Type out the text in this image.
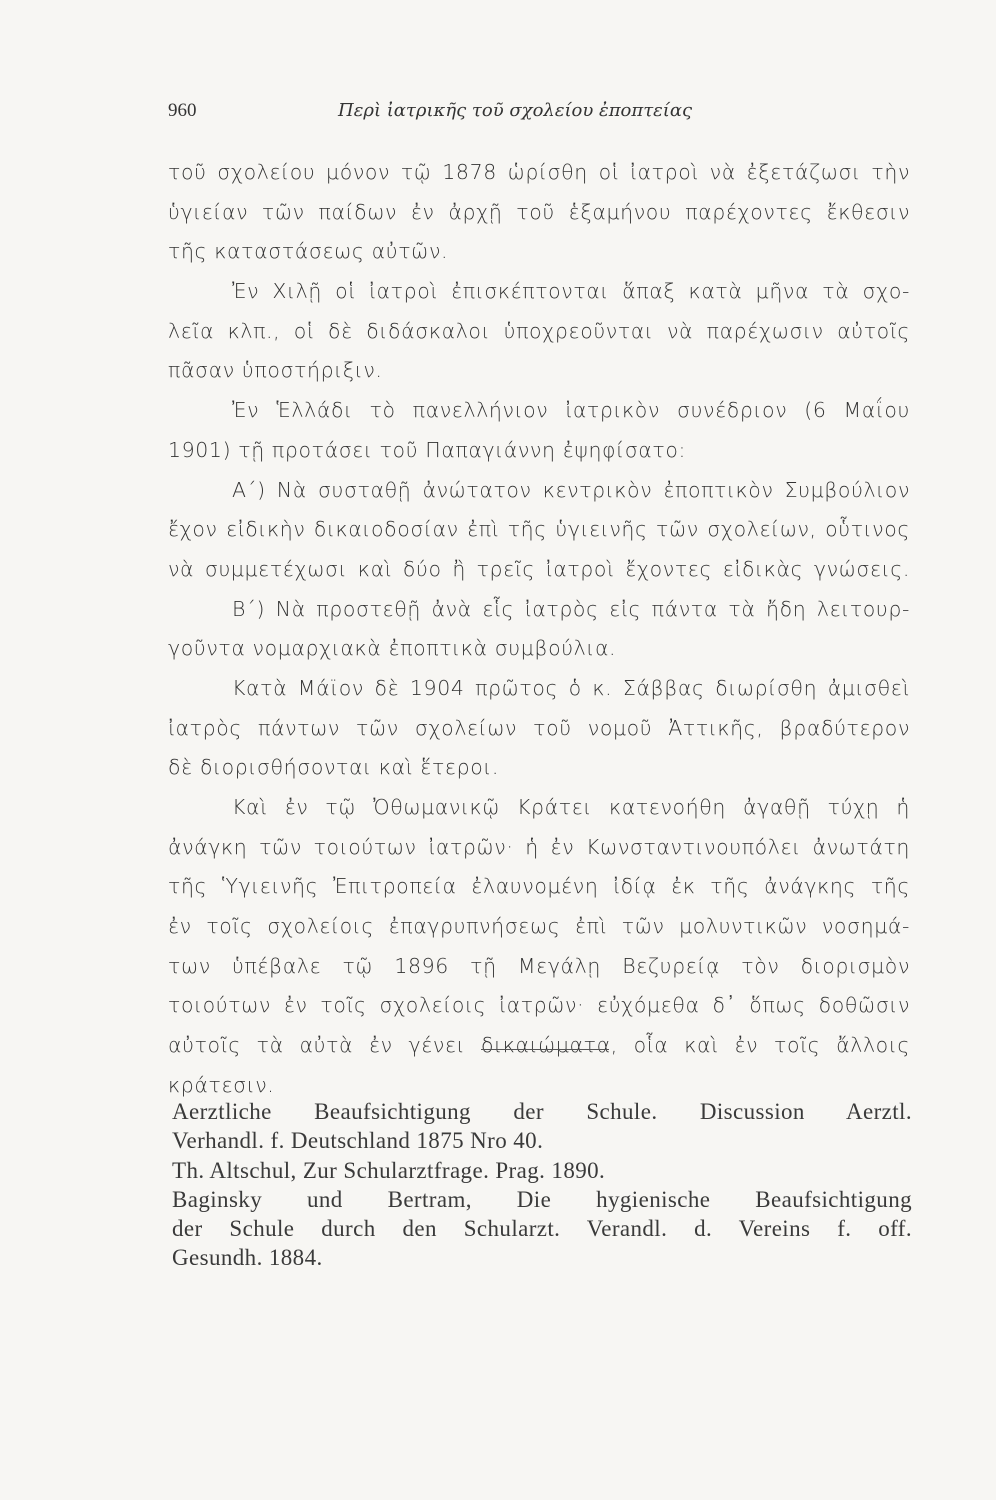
960	Περὶ ἰατρικῆς τοῦ σχολείου ἐποπτείας
τοῦ σχολείου μόνον τῷ 1878 ὡρίσθη οἱ ἰατροὶ νὰ ἐξετάζωσι τὴν
ὑγιείαν τῶν παίδων ἐν ἀρχῇ τοῦ ἑξαμήνου παρέχοντες ἔκθεσιν
τῆς καταστάσεως αὐτῶν.
Ἐν Χιλῇ οἱ ἰατροὶ ἐπισκέπτονται ἅπαξ κατὰ μῆνα τὰ σχο-
λεῖα κλπ., οἱ δὲ διδάσκαλοι ὑποχρεοῦνται νὰ παρέχωσιν αὐτοῖς
πᾶσαν ὑποστήριξιν.
Ἐν Ἑλλάδι τὸ πανελλήνιον ἰατρικὸν συνέδριον (6 Μαΐου
1901) τῇ προτάσει τοῦ Παπαγιάννη ἐψηφίσατο:
Α΄) Νὰ συσταθῇ ἀνώτατον κεντρικὸν ἐποπτικὸν Συμβούλιον
ἔχον εἰδικὴν δικαιοδοσίαν ἐπὶ τῆς ὑγιεινῆς τῶν σχολείων, οὗτινος
νὰ συμμετέχωσι καὶ δύο ἢ τρεῖς ἰατροὶ ἔχοντες εἰδικὰς γνώσεις.
Β΄) Νὰ προστεθῇ ἀνὰ εἷς ἰατρὸς εἰς πάντα τὰ ἤδη λειτουρ-
γοῦντα νομαρχιακὰ ἐποπτικὰ συμβούλια.
Κατὰ Μάϊον δὲ 1904 πρῶτος ὁ κ. Σάββας διωρίσθη ἀμισθεὶ
ἰατρὸς πάντων τῶν σχολείων τοῦ νομοῦ Ἀττικῆς, βραδύτερον
δὲ διορισθήσονται καὶ ἕτεροι.
Καὶ ἐν τῷ Ὀθωμανικῷ Κράτει κατενοήθη ἀγαθῇ τύχῃ ἡ
ἀνάγκη τῶν τοιούτων ἰατρῶν· ἡ ἐν Κωνσταντινουπόλει ἀνωτάτη
τῆς Ὑγιεινῆς Ἐπιτροπεία ἐλαυνομένη ἰδίᾳ ἐκ τῆς ἀνάγκης τῆς
ἐν τοῖς σχολείοις ἐπαγρυπνήσεως ἐπὶ τῶν μολυντικῶν νοσημά-
των ὑπέβαλε τῷ 1896 τῇ Μεγάλῃ Βεζυρείᾳ τὸν διορισμὸν
τοιούτων ἐν τοῖς σχολείοις ἰατρῶν· εὐχόμεθα δ᾽ ὅπως δοθῶσιν
αὐτοῖς τὰ αὐτὰ ἐν γένει δικαιώματα, οἷα καὶ ἐν τοῖς ἄλλοις
κράτεσιν.
Aerztliche Beaufsichtigung der Schule. Discussion Aerztl.
Verhandl. f. Deutschland 1875 Nro 40.
Th. Altschul, Zur Schularztfrage. Prag. 1890.
Baginsky und Bertram, Die hygienische Beaufsichtigung
der Schule durch den Schularzt. Verandl. d. Vereins f. off.
Gesundh. 1884.
